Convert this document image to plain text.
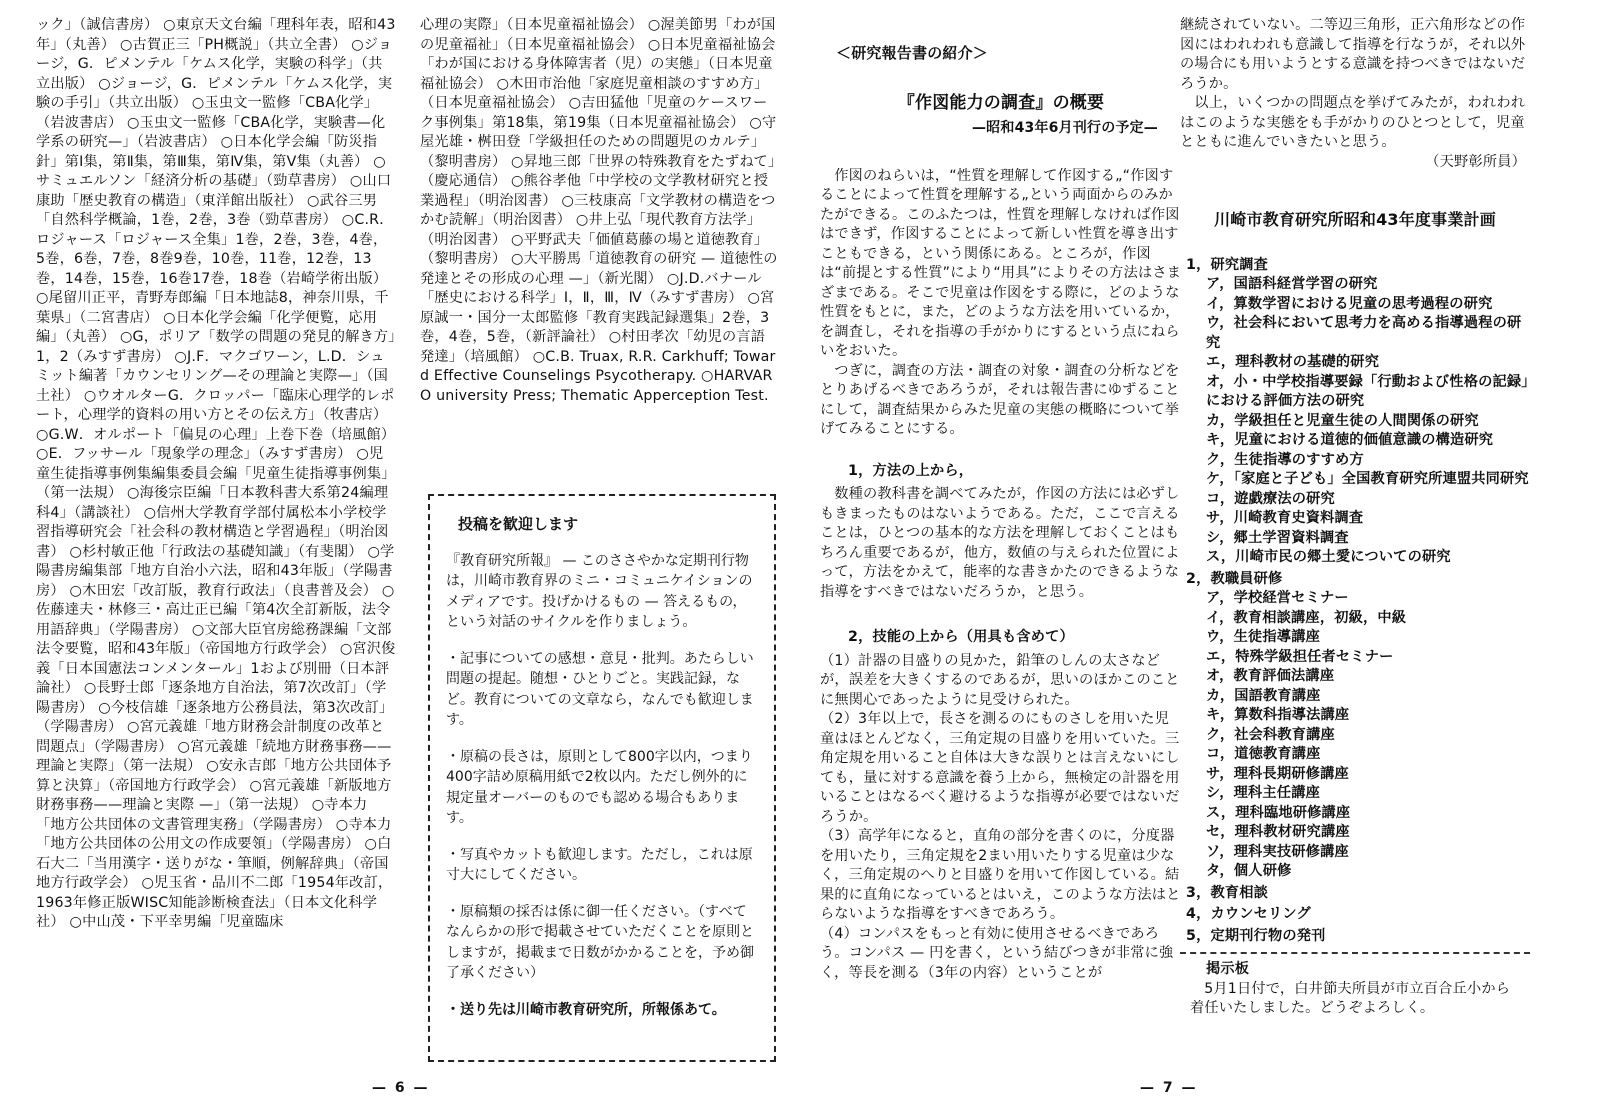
ック」（誠信書房） ○東京天文台編「理科年表，昭和43年」（丸善） ○古賀正三「PH概説」（共立全書） ○ジョージ，G．ピメンテル「ケムス化学，実験の科学」（共立出版） ○ジョージ，G．ピメンテル「ケムス化学，実験の手引」（共立出版） ○玉虫文一監修「CBA化学」（岩波書店） ○玉虫文一監修「CBA化学，実験書—化学系の研究—」（岩波書店） ○日本化学会編「防災指針」第Ⅰ集，第Ⅱ集，第Ⅲ集，第Ⅳ集，第Ⅴ集（丸善） ○サミュエルソン「経済分析の基礎」（勁草書房） ○山口康助「歴史教育の構造」（東洋館出版社） ○武谷三男「自然科学概論，1巻，2巻，3巻（勁草書房） ○C.R．ロジャース「ロジャース全集」1巻，2巻，3巻，4巻，5巻，6巻，7巻，8巻9巻，10巻，11巻，12巻，13巻，14巻，15巻，16巻17巻，18巻（岩崎学術出版） ○尾留川正平，青野寿郎編「日本地誌8，神奈川県，千葉県」（二宮書店） ○日本化学会編「化学便覧，応用編」（丸善） ○G，ポリア「数学の問題の発見的解き方」1，2（みすず書房） ○J.F．マクゴワーン，L.D．シュミット編著「カウンセリング—その理論と実際—」（国土社） ○ウオルターG．クロッパー「臨床心理学的レポート，心理学的資料の用い方とその伝え方」（牧書店） ○G.W．オルポート「偏見の心理」上巻下巻（培風館） ○E．フッサール「現象学の理念」（みすず書房） ○児童生徒指導事例集編集委員会編「児童生徒指導事例集」（第一法規） ○海後宗臣編「日本教科書大系第24編理科4」（講談社） ○信州大学教育学部付属松本小学校学習指導研究会「社会科の教材構造と学習過程」（明治図書） ○杉村敏正他「行政法の基礎知識」（有斐閣） ○学陽書房編集部「地方自治小六法，昭和43年版」（学陽書房） ○木田宏「改訂版，教育行政法」（良書普及会） ○佐藤達夫・林修三・高辻正已編「第4次全訂新版，法令用語辞典」（学陽書房） ○文部大臣官房総務課編「文部法令要覧，昭和43年版」（帝国地方行政学会） ○宮沢俊義「日本国憲法コンメンタール」1および別冊（日本評論社） ○長野士郎「逐条地方自治法，第7次改訂」（学陽書房） ○今枝信雄「逐条地方公務員法，第3次改訂」（学陽書房） ○宮元義雄「地方財務会計制度の改革と問題点」（学陽書房） ○宮元義雄「続地方財務事務——理論と実際」（第一法規） ○安永吉郎「地方公共団体予算と決算」（帝国地方行政学会） ○宮元義雄「新版地方財務事務——理論と実際 —」（第一法規） ○寺本力「地方公共団体の文書管理実務」（学陽書房） ○寺本力「地方公共団体の公用文の作成要領」（学陽書房） ○白石大二「当用漢字・送りがな・筆順，例解辞典」（帝国地方行政学会） ○児玉省・品川不二郎「1954年改訂，1963年修正版WISC知能診断検査法」（日本文化科学社） ○中山茂・下平幸男編「児童臨床
心理の実際」（日本児童福祉協会） ○渥美節男「わが国の児童福祉」（日本児童福祉協会） ○日本児童福祉協会「わが国における身体障害者（児）の実態」（日本児童福祉協会） ○木田市治他「家庭児童相談のすすめ方」（日本児童福祉協会） ○吉田猛他「児童のケースワーク事例集」第18集，第19集（日本児童福祉協会） ○守屋光雄・桝田登「学級担任のための問題児のカルテ」（黎明書房） ○昇地三郎「世界の特殊教育をたずねて」（慶応通信） ○熊谷孝他「中学校の文学教材研究と授業過程」（明治図書） ○三枝康高「文学教材の構造をつかむ読解」（明治図書） ○井上弘「現代教育方法学」（明治図書） ○平野武夫「価値葛藤の場と道徳教育」（黎明書房） ○大平勝馬「道徳教育の研究 — 道徳性の発達とその形成の心理 —」（新光閣） ○J.D.バナール「歴史における科学」Ⅰ，Ⅱ，Ⅲ，Ⅳ（みすず書房） ○宮原誠一・国分一太郎監修「教育実践記録選集」2巻，3巻，4巻，5巻，（新評論社） ○村田孝次「幼児の言語発達」（培風館） ○C.B. Truax, R.R. Carkhuff; Toward Effective Counselings Psycotherapy. ○HARVARO university Press; Thematic Apperception Test.
投稿を歓迎します

『教育研究所報』 — このささやかな定期刊行物は，川崎市教育界のミニ・コミュニケイションのメディアです。投げかけるもの — 答えるもの，という対話のサイクルを作りましょう。

・記事についての感想・意見・批判。あたらしい問題の提起。随想・ひとりごと。実践記録，など。教育についての文章なら，なんでも歓迎します。

・原稿の長さは，原則として800字以内，つまり400字詰め原稿用紙で2枚以内。ただし例外的に規定量オーバーのものでも認める場合もあります。

・写真やカットも歓迎します。ただし，これは原寸大にしてください。

・原稿類の採否は係に御一任ください。（すべてなんらかの形で掲載させていただくことを原則としますが，掲載まで日数がかかることを，予め御了承ください）

・送り先は川崎市教育研究所，所報係あて。

— 6 —
＜研究報告書の紹介＞
『作図能力の調査』の概要
—昭和43年6月刊行の予定—

作図のねらいは，“性質を理解して作図する„“作図することによって性質を理解する„という両面からのみかたができる。このふたつは，性質を理解しなければ作図はできず，作図することによって新しい性質を導き出すこともできる，という関係にある。ところが，作図は“前提とする性質”により“用具”によりその方法はさまざまである。そこで児童は作図をする際に，どのような性質をもとに，また，どのような方法を用いているか，を調査し，それを指導の手がかりにするという点にねらいをおいた。

つぎに，調査の方法・調査の対象・調査の分析などをとりあげるべきであろうが，それは報告書にゆずることにして，調査結果からみた児童の実態の概略について挙げてみることにする。

1，方法の上から，

数種の教科書を調べてみたが，作図の方法には必ずしもきまったものはないようである。ただ，ここで言えることは，ひとつの基本的な方法を理解しておくことはもちろん重要であるが，他方，数値の与えられた位置によって，方法をかえて，能率的な書きかたのできるような指導をすべきではないだろうか，と思う。

2，技能の上から（用具も含めて）

（1）計器の目盛りの見かた，鉛筆のしんの太さなどが，誤差を大きくするのであるが，思いのほかこのことに無関心であったように見受けられた。

（2）3年以上で，長さを測るのにものさしを用いた児童はほとんどなく，三角定規の目盛りを用いていた。三角定規を用いること自体は大きな誤りとは言えないにしても，量に対する意識を養う上から，無検定の計器を用いることはなるべく避けるような指導が必要ではないだろうか。

（3）高学年になると，直角の部分を書くのに，分度器を用いたり，三角定規を2まい用いたりする児童は少なく，三角定規のへりと目盛りを用いて作図している。結果的に直角になっているとはいえ，このような方法はとらないような指導をすべきであろう。

（4）コンパスをもっと有効に使用させるべきであろう。コンパス — 円を書く，という結びつきが非常に強く，等長を測る（3年の内容）ということが

継続されていない。二等辺三角形，正六角形などの作図にはわれわれも意識して指導を行なうが，それ以外の場合にも用いようとする意識を持つべきではないだろうか。

以上，いくつかの問題点を挙げてみたが，われわれはこのような実態をも手がかりのひとつとして，児童とともに進んでいきたいと思う。

（天野彰所員）
川崎市教育研究所昭和43年度事業計画
1，研究調査
ア，国語科経営学習の研究
イ，算数学習における児童の思考過程の研究
ウ，社会科において思考力を高める指導過程の研究
エ，理科教材の基礎的研究
オ，小・中学校指導要録「行動および性格の記録」における評価方法の研究
カ，学級担任と児童生徒の人間関係の研究
キ，児童における道徳的価値意識の構造研究
ク，生徒指導のすすめ方
ケ，「家庭と子ども」全国教育研究所連盟共同研究
コ，遊戯療法の研究
サ，川崎教育史資料調査
シ，郷土学習資料調査
ス，川崎市民の郷土愛についての研究
2，教職員研修
ア，学校経営セミナー
イ，教育相談講座，初級，中級
ウ，生徒指導講座
エ，特殊学級担任者セミナー
オ，教育評価法講座
カ，国語教育講座
キ，算数科指導法講座
ク，社会科教育講座
コ，道徳教育講座
サ，理科長期研修講座
シ，理科主任講座
ス，理科臨地研修講座
セ，理科教材研究講座
ソ，理科実技研修講座
タ，個人研修
3，教育相談
4，カウンセリング
5，定期刊行物の発刊
掲示板
5月1日付で，白井節夫所員が市立百合丘小から着任いたしました。どうぞよろしく。
— 7 —
